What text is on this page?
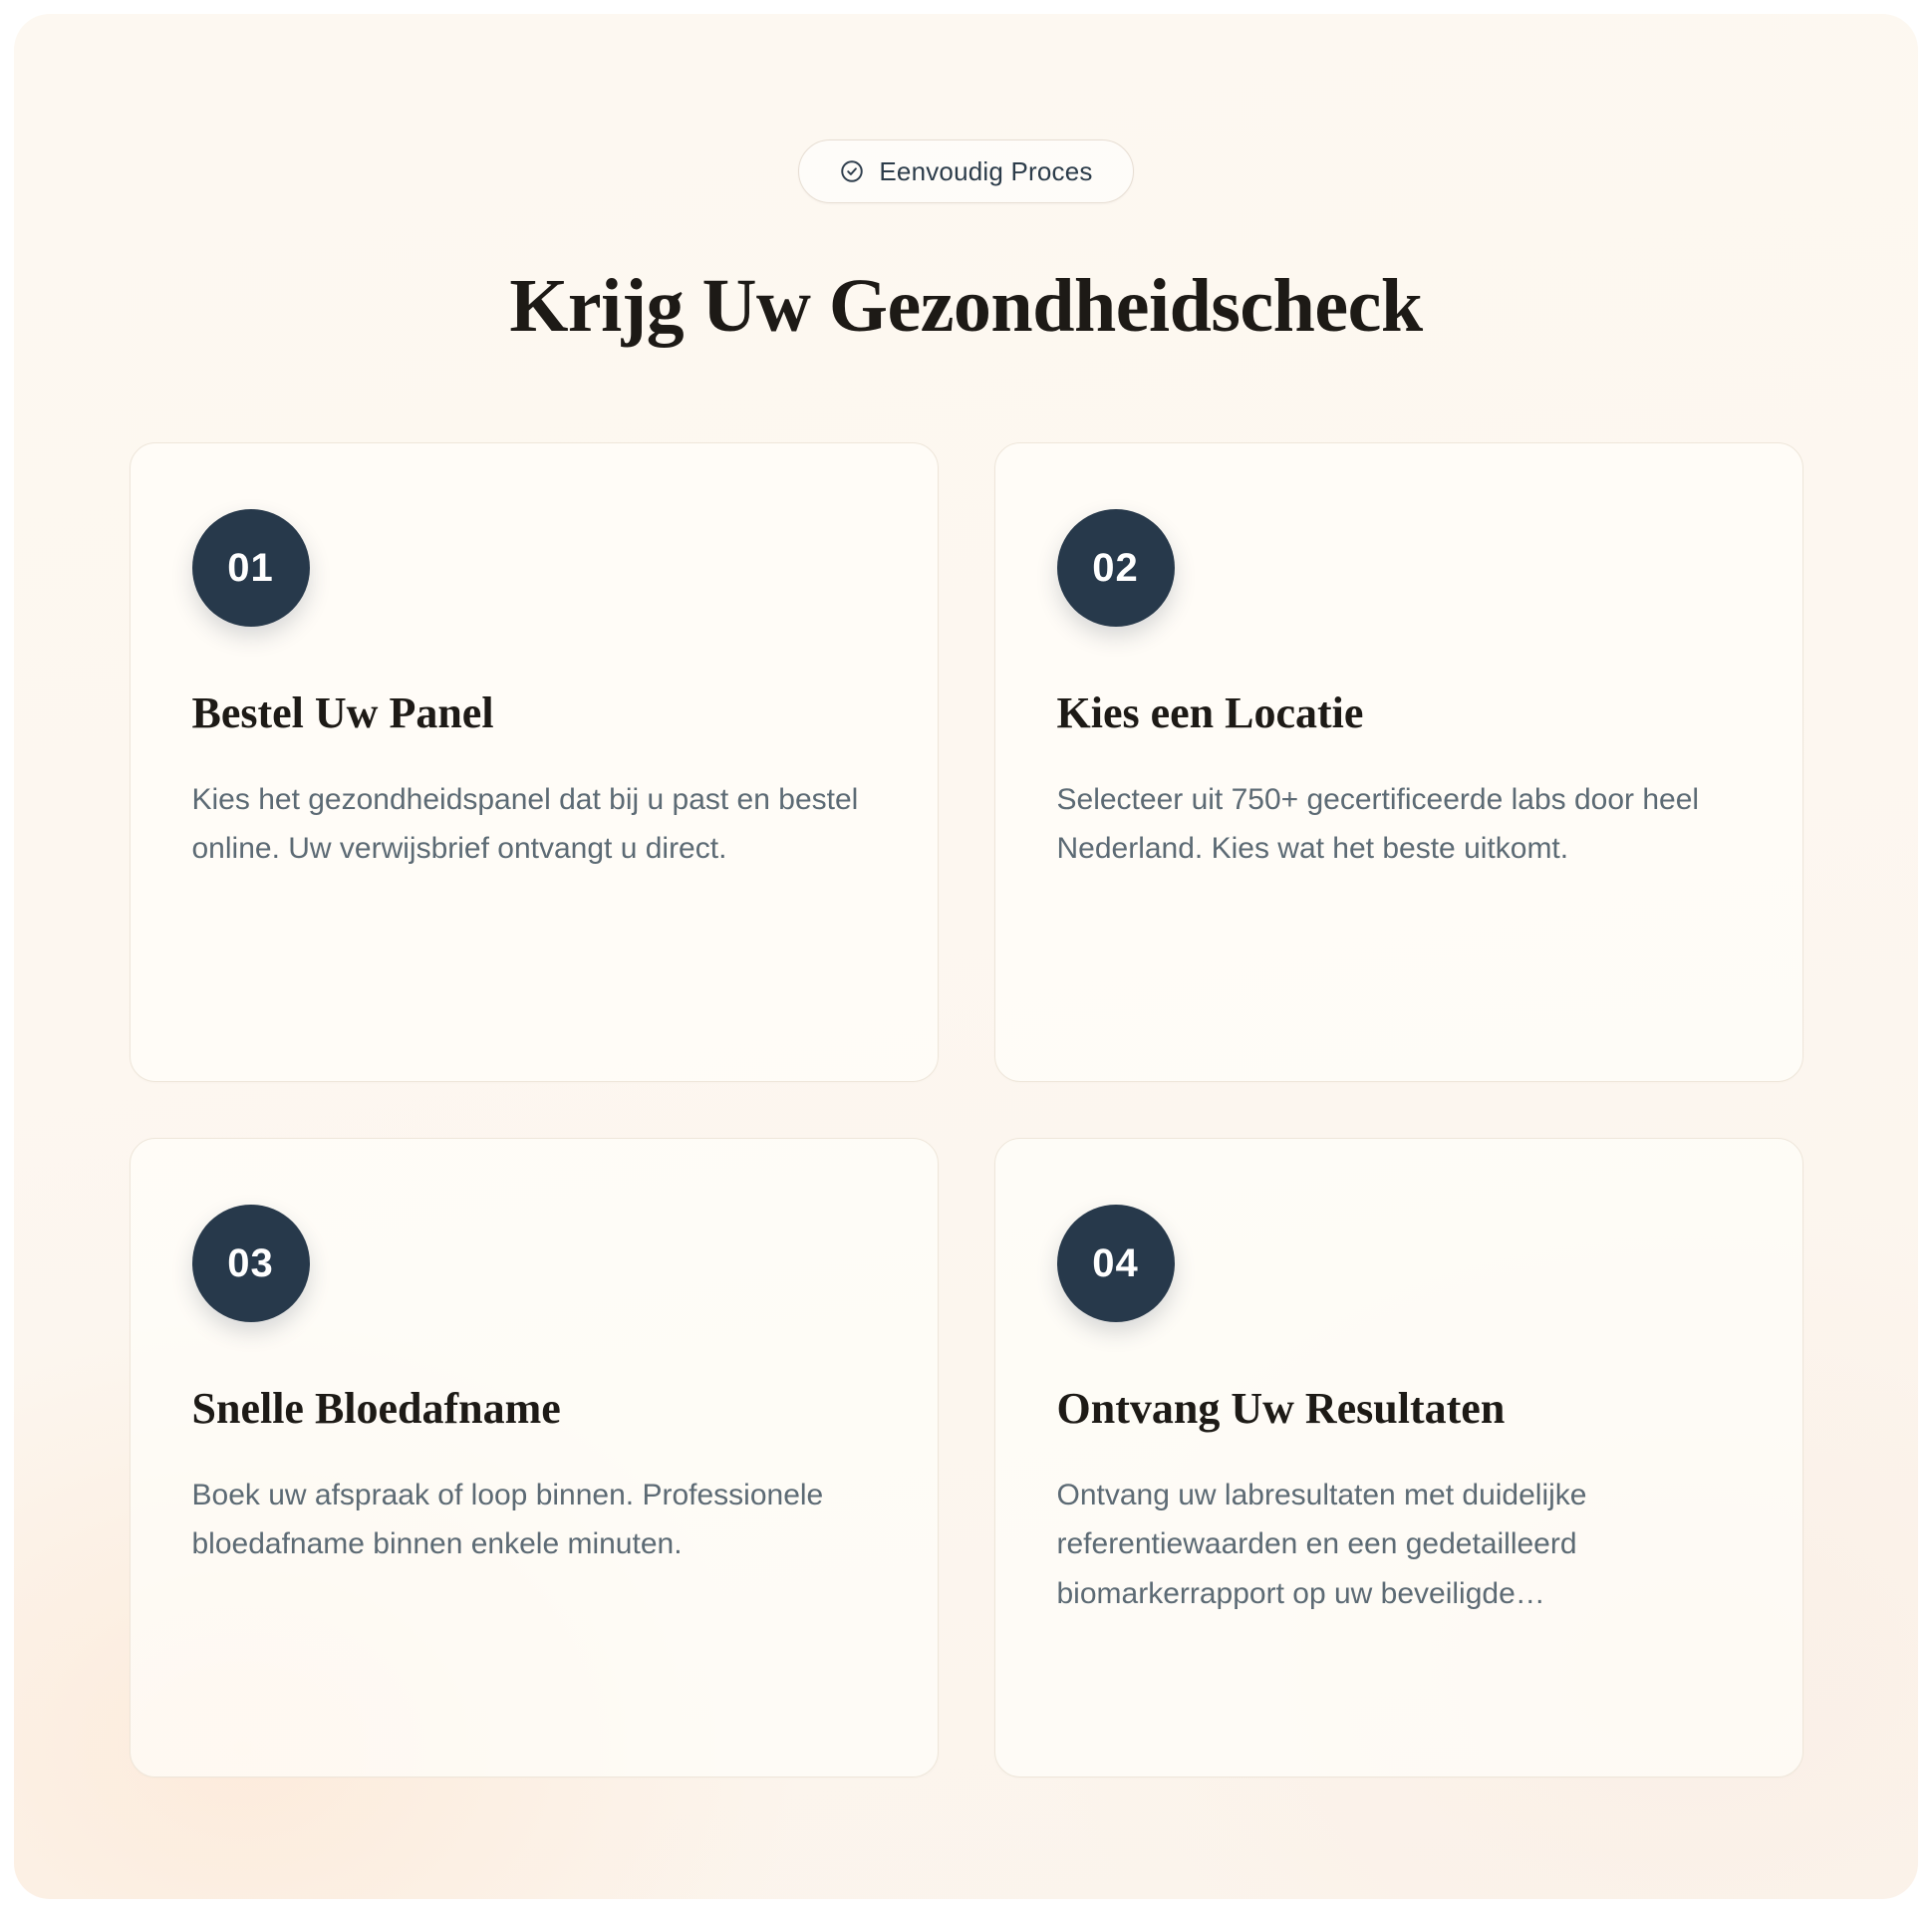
Eenvoudig Proces
Krijg Uw Gezondheidscheck
01
Bestel Uw Panel
Kies het gezondheidspanel dat bij u past en bestel online. Uw verwijsbrief ontvangt u direct.
02
Kies een Locatie
Selecteer uit 750+ gecertificeerde labs door heel Nederland. Kies wat het beste uitkomt.
03
Snelle Bloedafname
Boek uw afspraak of loop binnen. Professionele bloedafname binnen enkele minuten.
04
Ontvang Uw Resultaten
Ontvang uw labresultaten met duidelijke referentiewaarden en een gedetailleerd biomarkerrapport op uw beveiligde…
